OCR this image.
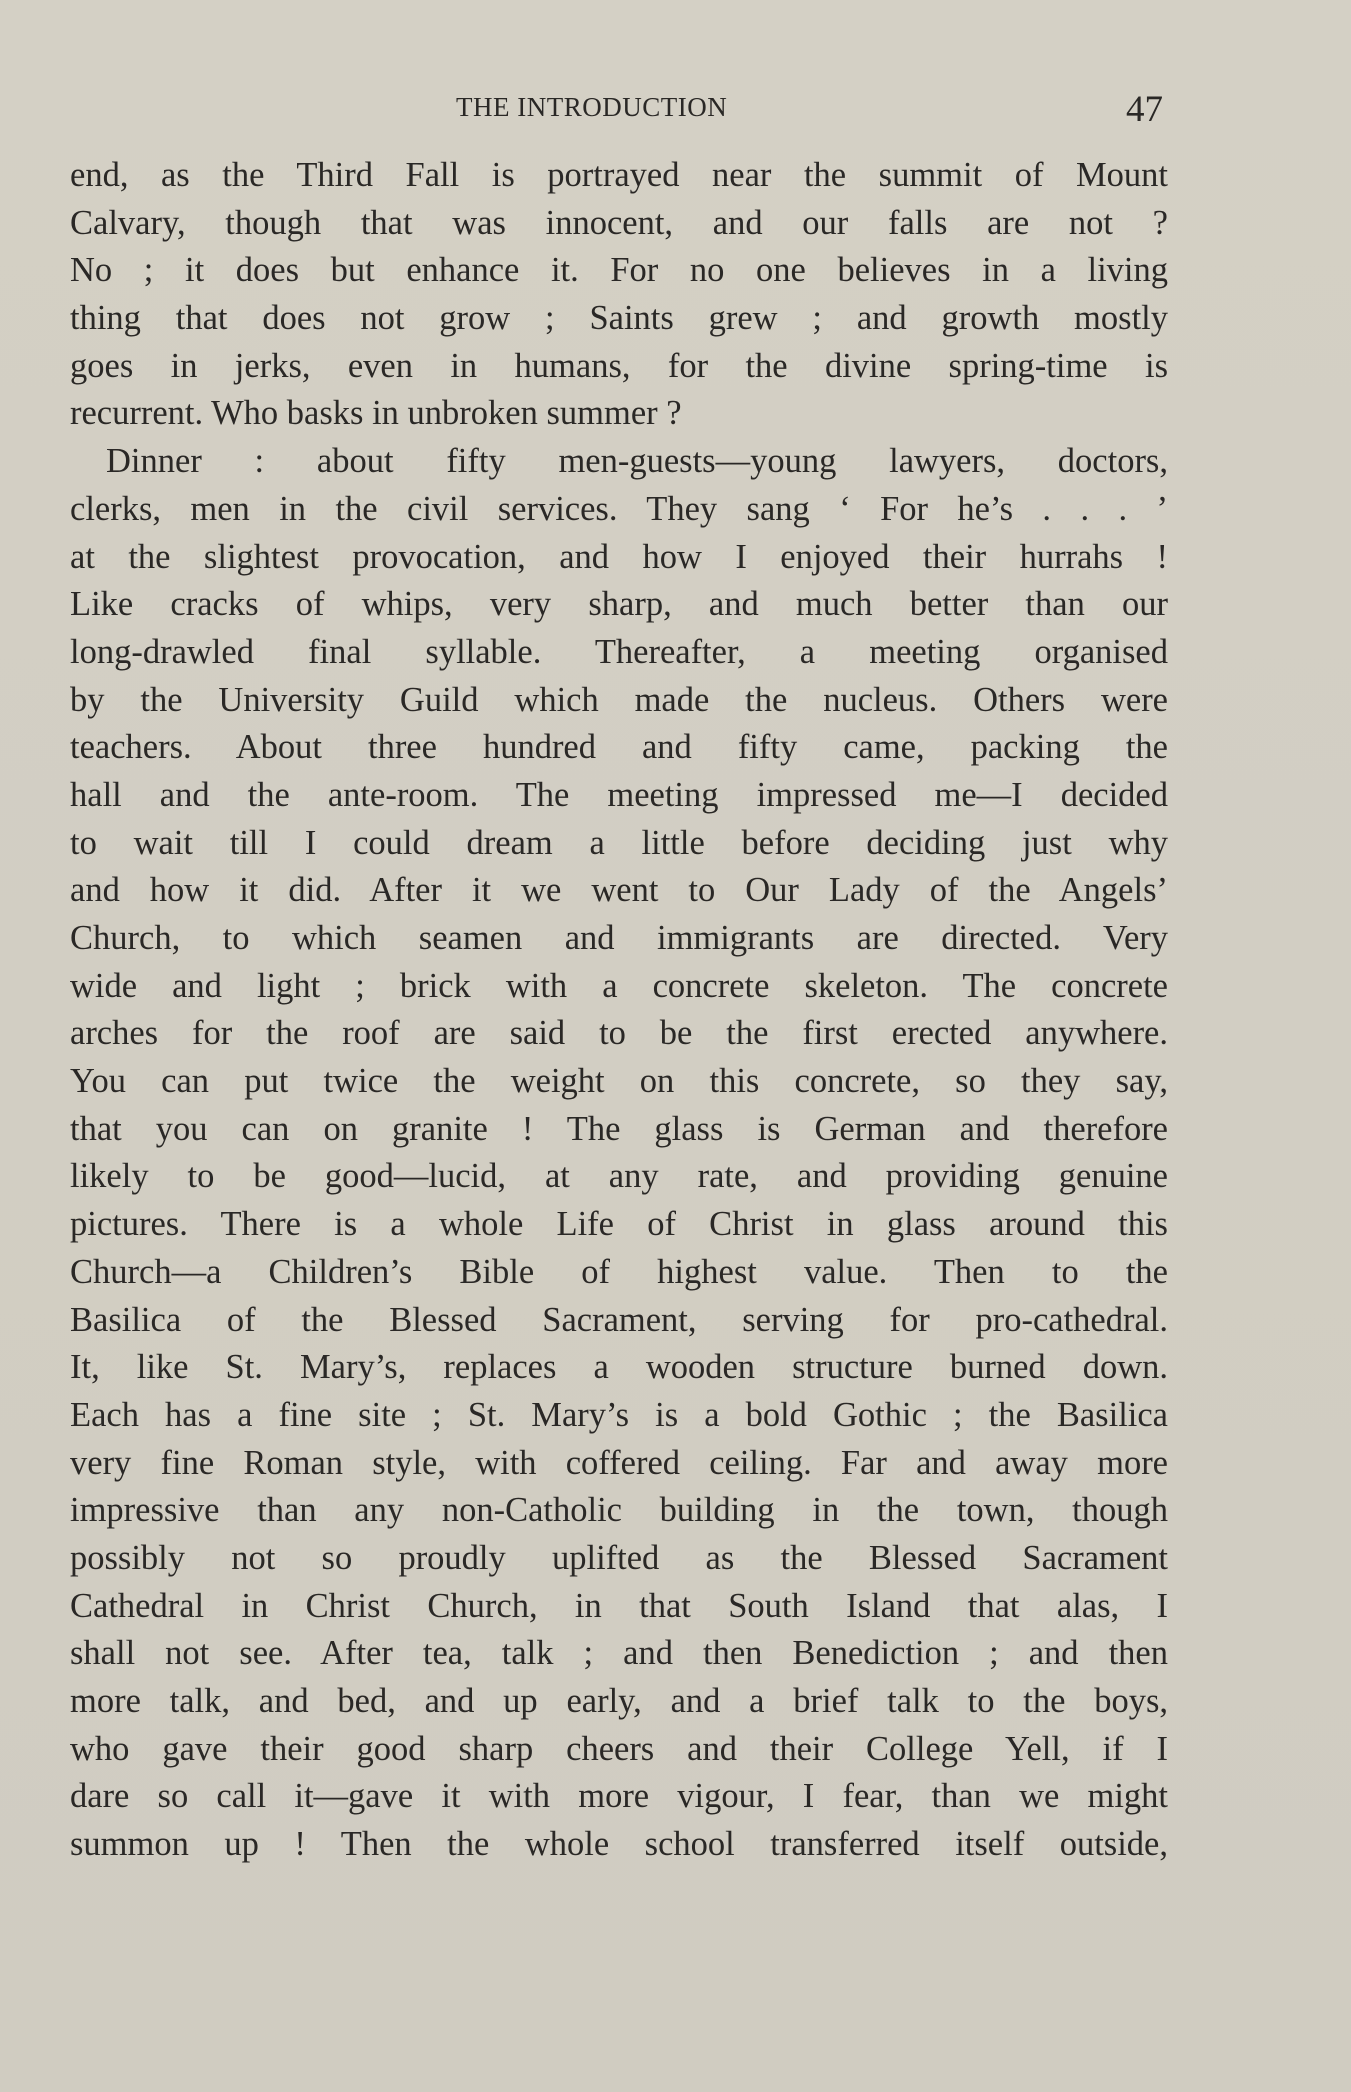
THE INTRODUCTION	47
end, as the Third Fall is portrayed near the summit of Mount
Calvary, though that was innocent, and our falls are not ?
No ; it does but enhance it. For no one believes in a living
thing that does not grow ; Saints grew ; and growth mostly
goes in jerks, even in humans, for the divine spring-time is
recurrent. Who basks in unbroken summer ?
Dinner : about fifty men-guests—young lawyers, doctors,
clerks, men in the civil services. They sang ‘ For he’s . . . ’
at the slightest provocation, and how I enjoyed their hurrahs !
Like cracks of whips, very sharp, and much better than our
long-drawled final syllable. Thereafter, a meeting organised
by the University Guild which made the nucleus. Others were
teachers. About three hundred and fifty came, packing the
hall and the ante-room. The meeting impressed me—I decided
to wait till I could dream a little before deciding just why
and how it did. After it we went to Our Lady of the Angels’
Church, to which seamen and immigrants are directed. Very
wide and light ; brick with a concrete skeleton. The concrete
arches for the roof are said to be the first erected anywhere.
You can put twice the weight on this concrete, so they say,
that you can on granite ! The glass is German and therefore
likely to be good—lucid, at any rate, and providing genuine
pictures. There is a whole Life of Christ in glass around this
Church—a Children’s Bible of highest value. Then to the
Basilica of the Blessed Sacrament, serving for pro-cathedral.
It, like St. Mary’s, replaces a wooden structure burned down.
Each has a fine site ; St. Mary’s is a bold Gothic ; the Basilica
very fine Roman style, with coffered ceiling. Far and away more
impressive than any non-Catholic building in the town, though
possibly not so proudly uplifted as the Blessed Sacrament
Cathedral in Christ Church, in that South Island that alas, I
shall not see. After tea, talk ; and then Benediction ; and then
more talk, and bed, and up early, and a brief talk to the boys,
who gave their good sharp cheers and their College Yell, if I
dare so call it—gave it with more vigour, I fear, than we might
summon up ! Then the whole school transferred itself outside,
